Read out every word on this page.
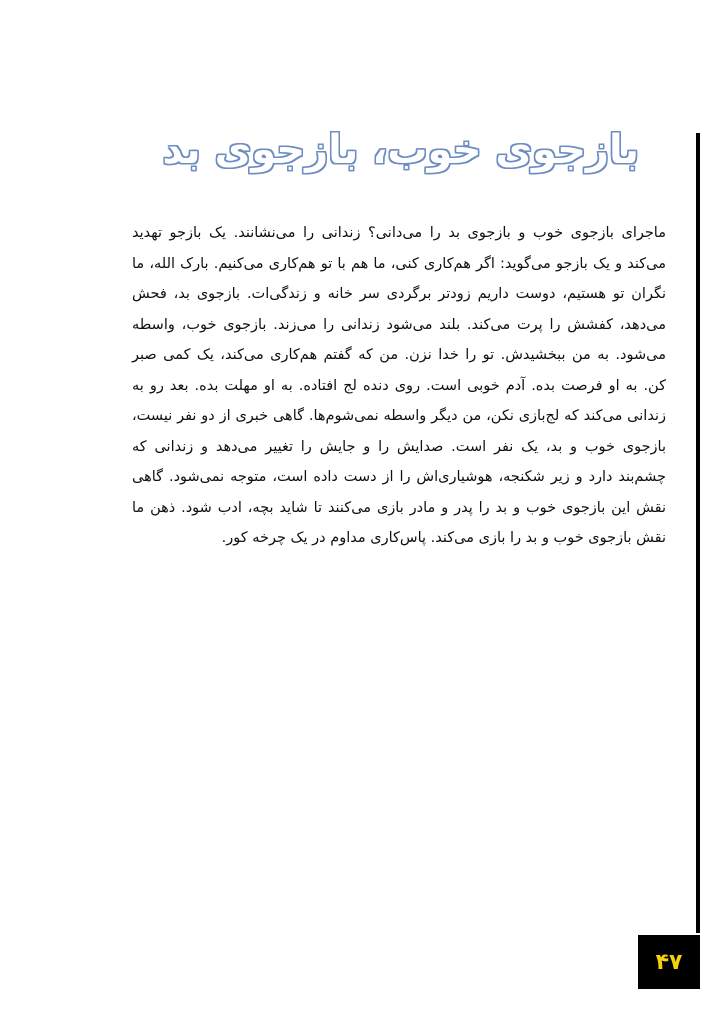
بازجوی خوب، بازجوی بد

ماجرای بازجوی خوب و بازجوی بد را می‌دانی؟ زندانی را می‌نشانند. یک بازجو تهدید می‌کند و یک بازجو می‌گوید: اگر هم‌کاری کنی، ما هم با تو هم‌کاری می‌کنیم. بارک الله، ما نگران تو هستیم، دوست داریم زودتر برگردی سر خانه و زندگی‌ات. بازجوی بد، فحش می‌دهد، کفشش را پرت می‌کند. بلند می‌شود زندانی را می‌زند. بازجوی خوب، واسطه می‌شود. به من ببخشیدش. تو را خدا نزن. من که گفتم هم‌کاری می‌کند، یک کمی صبر کن. به او فرصت بده. آدم خوبی است. روی دنده لج افتاده. به او مهلت بده. بعد رو به زندانی می‌کند که لج‌بازی نکن، من دیگر واسطه نمی‌شوم‌ها. گاهی خبری از دو نفر نیست، بازجوی خوب و بد، یک نفر است. صدایش را و جایش را تغییر می‌دهد و زندانی که چشم‌بند دارد و زیر شکنجه، هوشیاری‌اش را از دست داده است، متوجه نمی‌شود. گاهی نقش این بازجوی خوب و بد را پدر و مادر بازی می‌کنند تا شاید بچه، ادب شود. ذهن ما نقش بازجوی خوب و بد را بازی می‌کند. پاس‌کاری مداوم در یک چرخه کور.

۴۷
